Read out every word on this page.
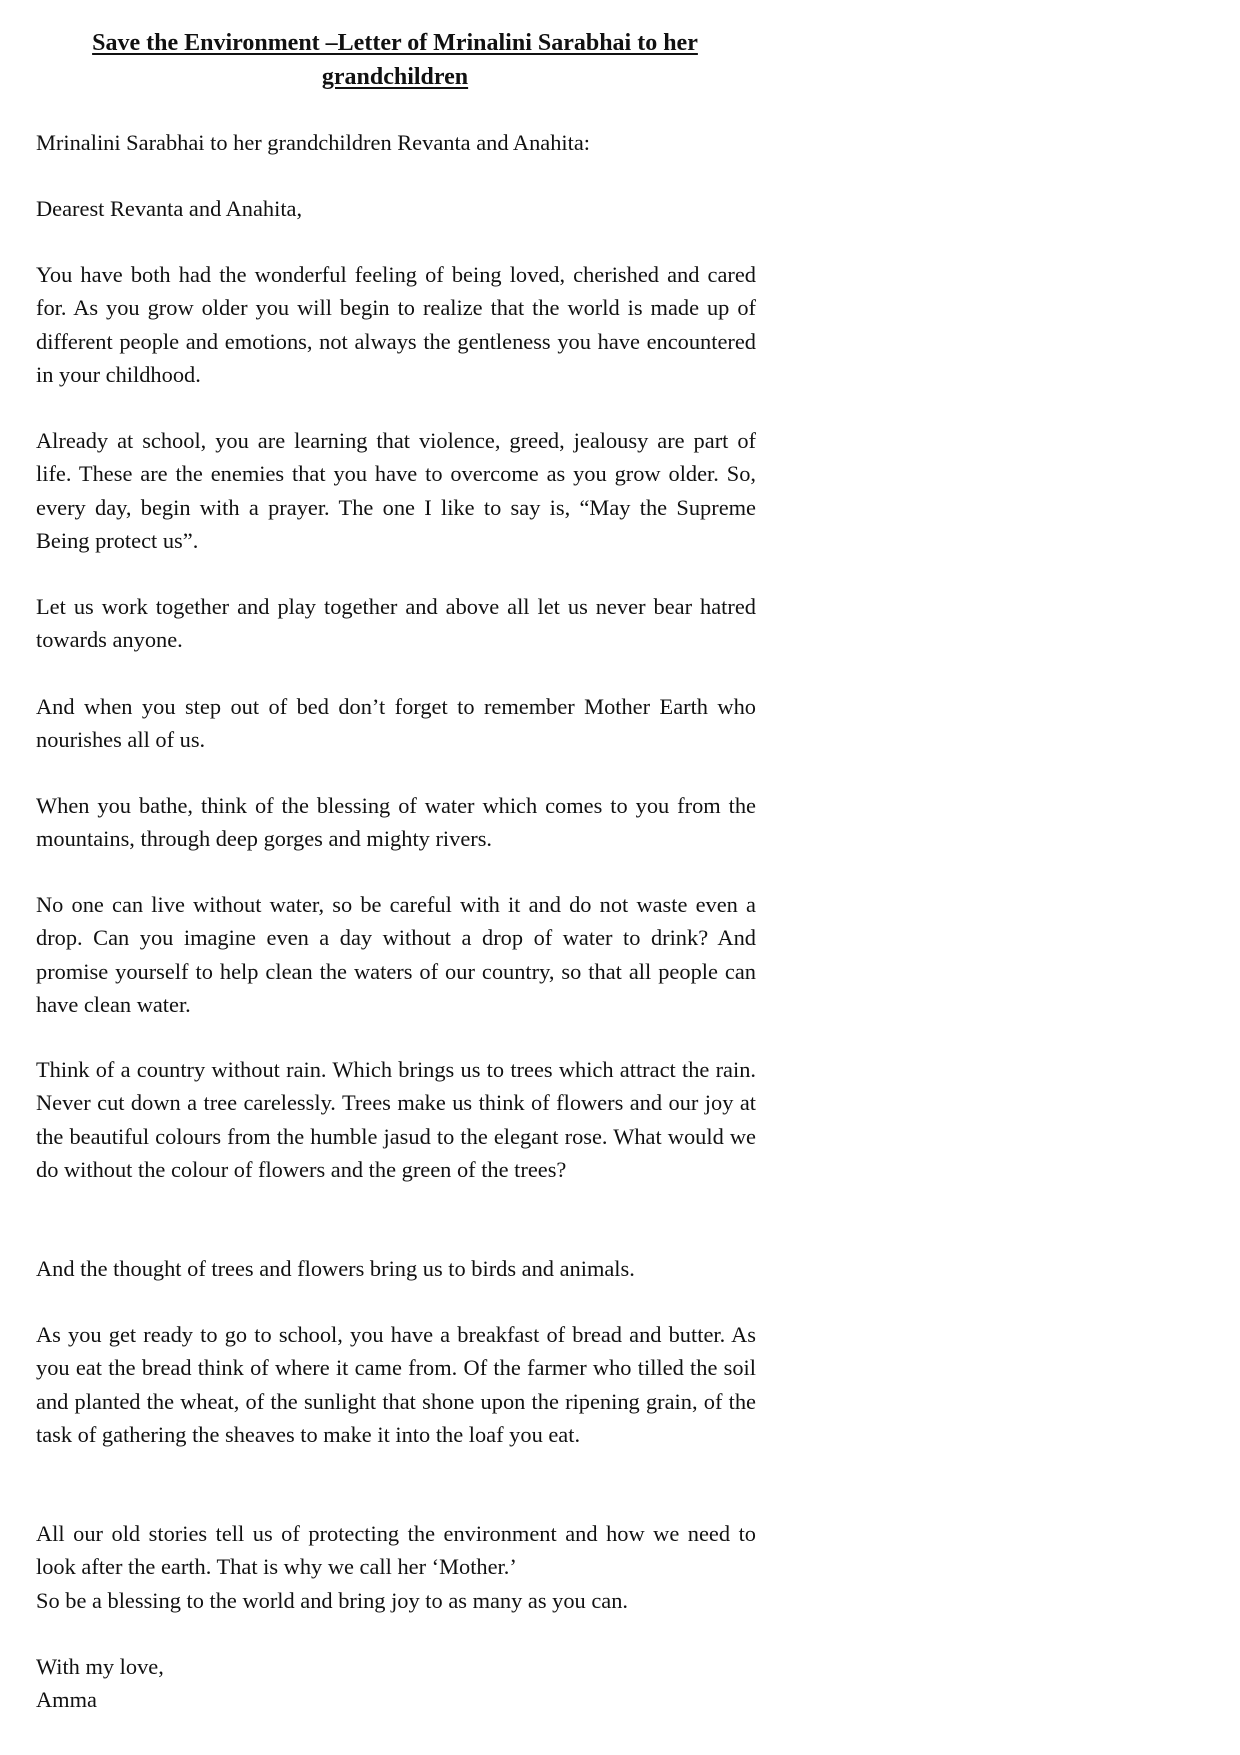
Save the Environment –Letter of Mrinalini Sarabhai to her
grandchildren

Mrinalini Sarabhai to her grandchildren Revanta and Anahita:

Dearest Revanta and Anahita,

You have both had the wonderful feeling of being loved, cherished and cared for. As you grow older you will begin to realize that the world is made up of different people and emotions, not always the gentleness you have encountered in your childhood.

Already at school, you are learning that violence, greed, jealousy are part of life. These are the enemies that you have to overcome as you grow older. So, every day, begin with a prayer. The one I like to say is, “May the Supreme Being protect us”.

Let us work together and play together and above all let us never bear hatred towards anyone.

And when you step out of bed don’t forget to remember Mother Earth who nourishes all of us.

When you bathe, think of the blessing of water which comes to you from the mountains, through deep gorges and mighty rivers.

No one can live without water, so be careful with it and do not waste even a drop. Can you imagine even a day without a drop of water to drink? And promise yourself to help clean the waters of our country, so that all people can have clean water.

Think of a country without rain. Which brings us to trees which attract the rain. Never cut down a tree carelessly. Trees make us think of flowers and our joy at the beautiful colours from the humble jasud to the elegant rose. What would we do without the colour of flowers and the green of the trees?

And the thought of trees and flowers bring us to birds and animals.

As you get ready to go to school, you have a breakfast of bread and butter. As you eat the bread think of where it came from. Of the farmer who tilled the soil and planted the wheat, of the sunlight that shone upon the ripening grain, of the task of gathering the sheaves to make it into the loaf you eat.

All our old stories tell us of protecting the environment and how we need to look after the earth. That is why we call her ‘Mother.’

So be a blessing to the world and bring joy to as many as you can.

With my love,

Amma
